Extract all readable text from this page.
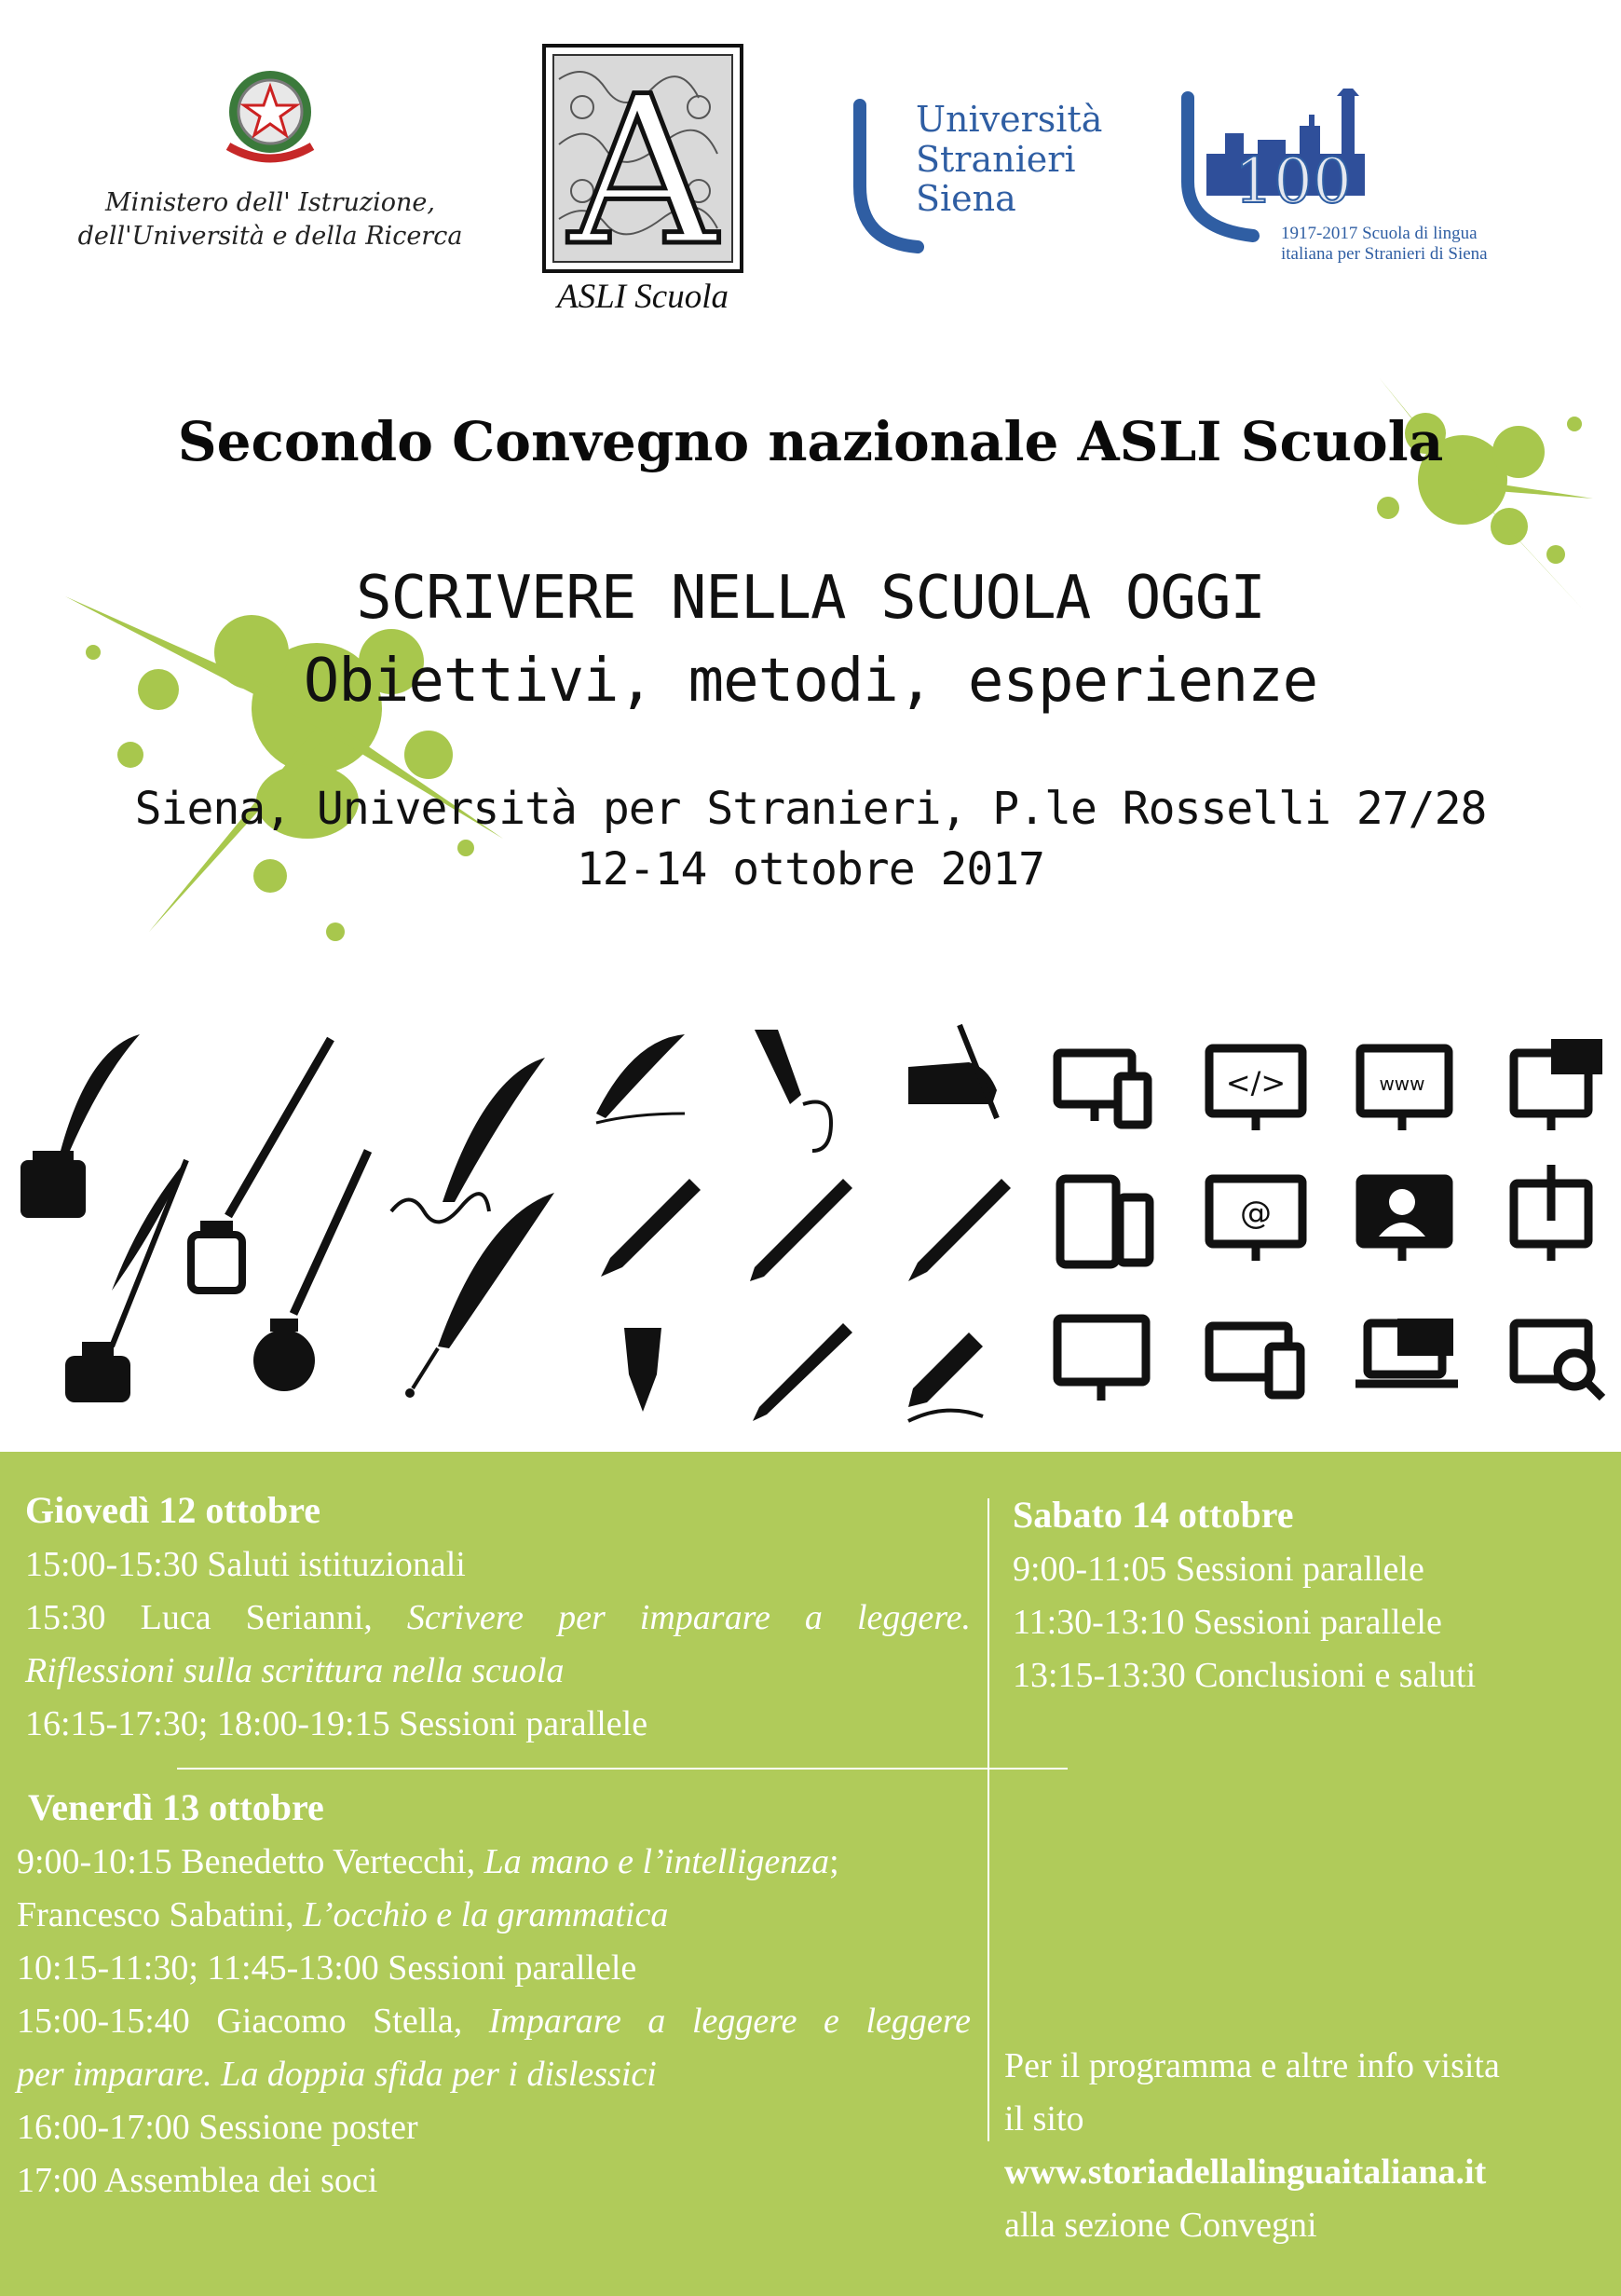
Ministero dell' Istruzione,
dell'Università e della Ricerca A
ASLI Scuola
Università
Stranieri
Siena	100
1917-2017 Scuola di lingua
italiana per Stranieri di Siena
Secondo Convegno nazionale ASLI Scuola
SCRIVERE NELLA SCUOLA OGGI
Obiettivi, metodi, esperienze
Siena, Università per Stranieri, P.le Rosselli 27/28
12-14 ottobre 2017
</>	www
@
Giovedì 12 ottobre
15:00-15:30 Saluti istituzionali
15:30 Luca Serianni, Scrivere per imparare a leggere.
Riflessioni sulla scrittura nella scuola
16:15-17:30; 18:00-19:15 Sessioni parallele
Venerdì 13 ottobre
9:00-10:15 Benedetto Vertecchi, La mano e l’intelligenza;
Francesco Sabatini, L’occhio e la grammatica
10:15-11:30; 11:45-13:00 Sessioni parallele
15:00-15:40 Giacomo Stella, Imparare a leggere e leggere
per imparare. La doppia sfida per i dislessici
16:00-17:00 Sessione poster
17:00 Assemblea dei soci
Sabato 14 ottobre
9:00-11:05 Sessioni parallele
11:30-13:10 Sessioni parallele
13:15-13:30 Conclusioni e saluti
Per il programma e altre info visita
il sito
www.storiadellalinguaitaliana.it
alla sezione Convegni
